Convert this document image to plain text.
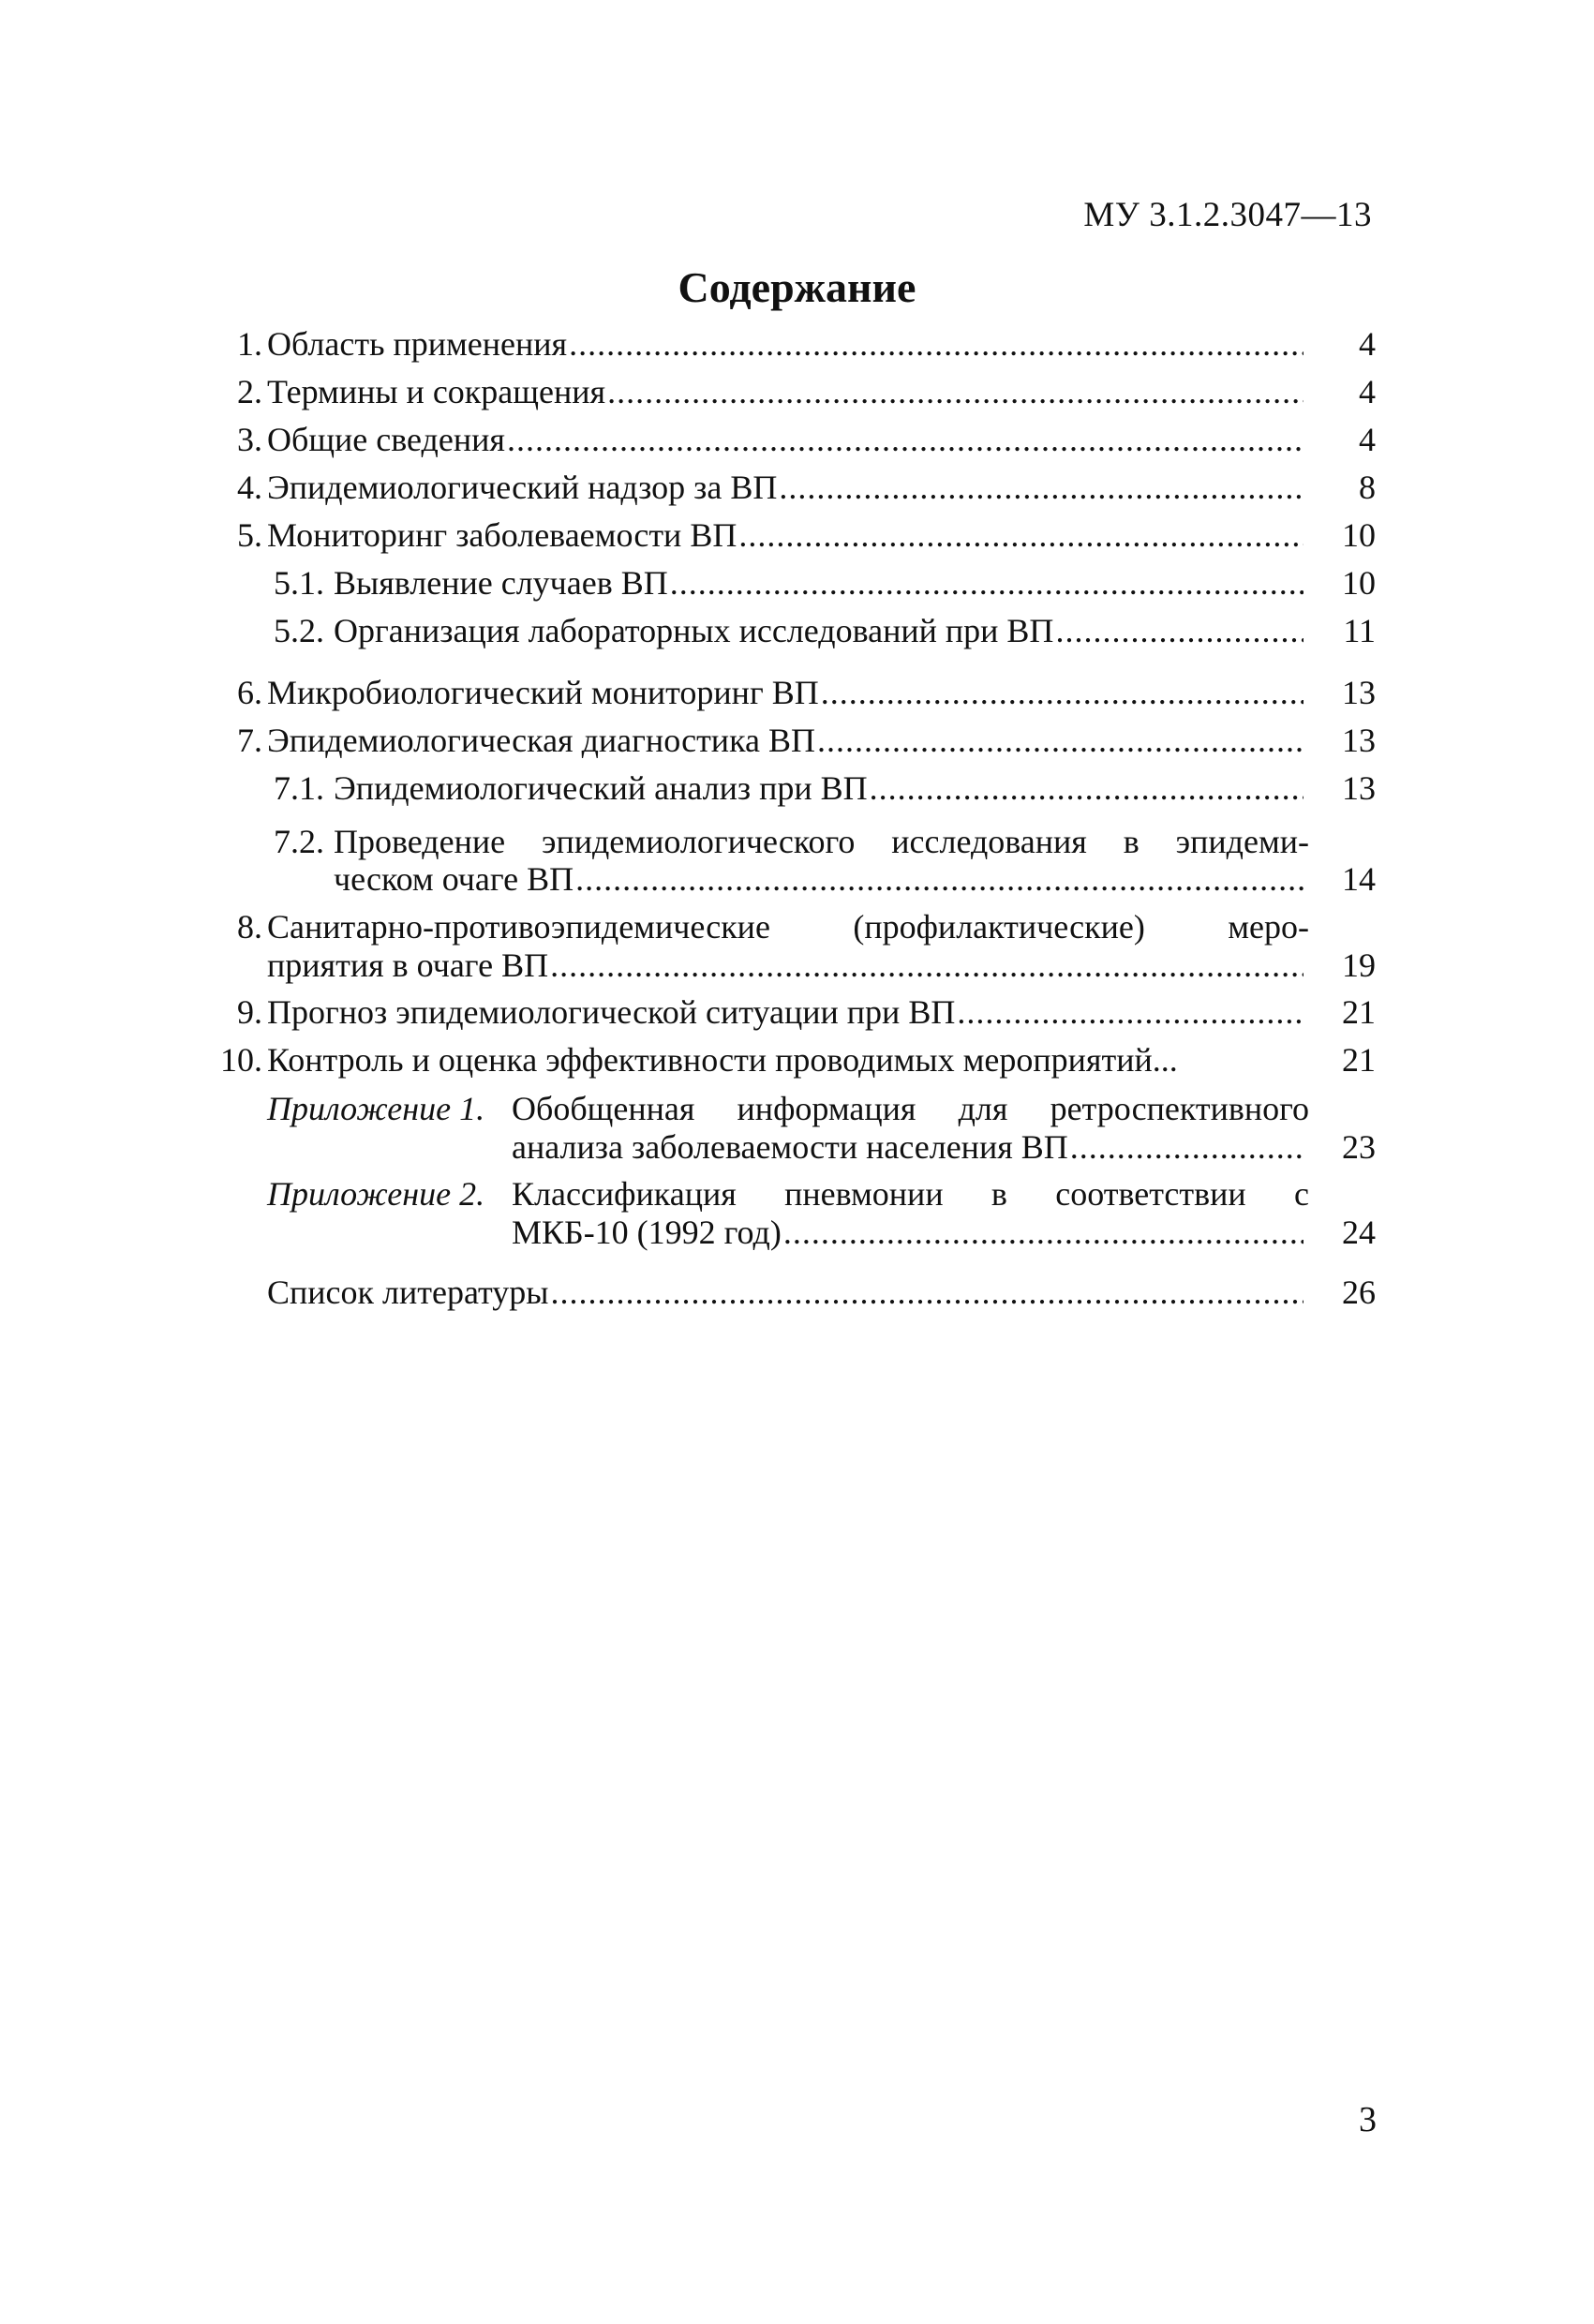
МУ 3.1.2.3047—13
Содержание
1. Область применения .....	4
2. Термины и сокращения .....	4
3. Общие сведения .....	4
4. Эпидемиологический надзор за ВП .....	8
5. Мониторинг заболеваемости ВП .....	10
5.1. Выявление случаев ВП .....	10
5.2. Организация лабораторных исследований при ВП .....	11
6. Микробиологический мониторинг ВП .....	13
7. Эпидемиологическая диагностика ВП .....	13
7.1. Эпидемиологический анализ при ВП .....	13
7.2. Проведение эпидемиологического исследования в эпидеми-
ческом очаге ВП .....	14
8. Санитарно-противоэпидемические (профилактические) меро-
приятия в очаге ВП .....	19
9. Прогноз эпидемиологической ситуации при ВП .....	21
10. Контроль и оценка эффективности проводимых мероприятий...	21
Приложение 1. Обобщенная информация для ретроспективного
анализа заболеваемости населения ВП .....	23
Приложение 2. Классификация пневмонии в соответствии с
МКБ-10 (1992 год) .....	24
Список литературы .....	26
3
